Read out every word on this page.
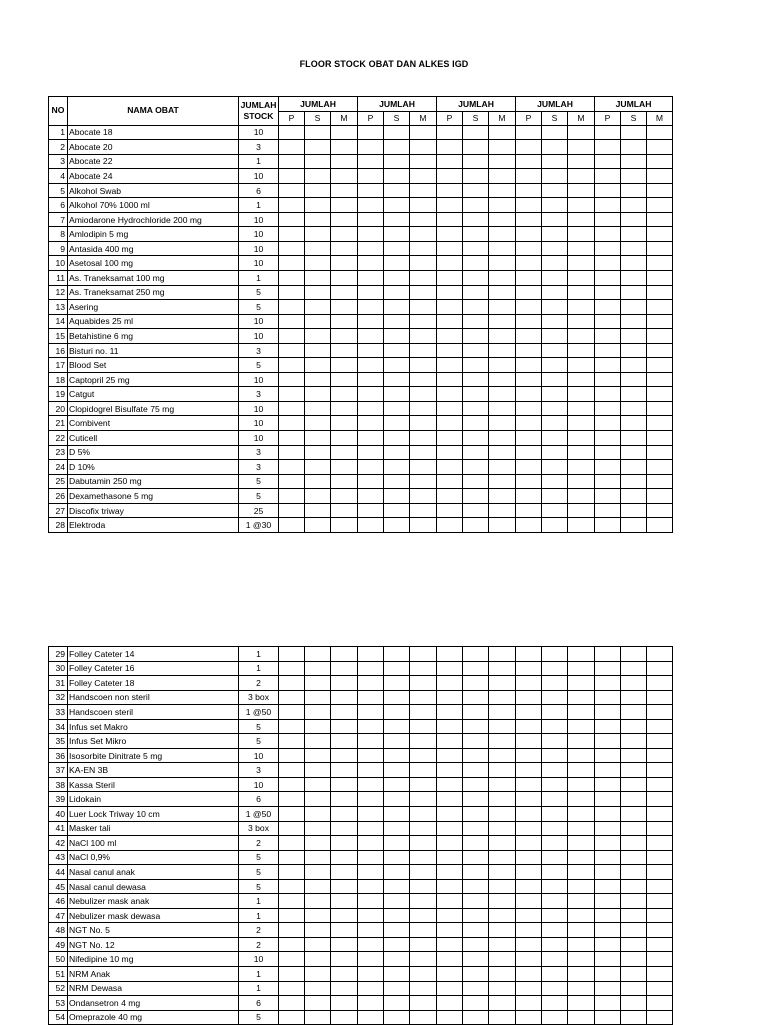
FLOOR STOCK OBAT DAN ALKES IGD
NO	NAMA OBAT	JUMLAH
STOCK	JUMLAH			JUMLAH			JUMLAH			JUMLAH			JUMLAH		
			P	S	M	P	S	M	P	S	M	P	S	M	P	S	M
1	Abocate 18	10															
2	Abocate 20	3															
3	Abocate 22	1															
4	Abocate 24	10															
5	Alkohol Swab	6															
6	Alkohol 70% 1000 ml	1															
7	Amiodarone Hydrochloride 200 mg	10															
8	Amlodipin 5 mg	10															
9	Antasida 400 mg	10															
10	Asetosal 100 mg	10															
11	As. Traneksamat 100 mg	1															
12	As. Traneksamat 250 mg	5															
13	Asering	5															
14	Aquabides 25 ml	10															
15	Betahistine 6 mg	10															
16	Bisturi no. 11	3															
17	Blood Set	5															
18	Captopril 25 mg	10															
19	Catgut	3															
20	Clopidogrel Bisulfate 75 mg	10															
21	Combivent	10															
22	Cuticell	10															
23	D 5%	3															
24	D 10%	3															
25	Dabutamin 250 mg	5															
26	Dexamethasone 5 mg	5															
27	Discofix triway	25															
28	Elektroda	1 @30															
29	Folley Cateter 14	1															
30	Folley Cateter 16	1															
31	Folley Cateter 18	2															
32	Handscoen non steril	3 box															
33	Handscoen steril	1 @50															
34	Infus set Makro	5															
35	Infus Set Mikro	5															
36	Isosorbite Dinitrate 5 mg	10															
37	KA-EN 3B	3															
38	Kassa Steril	10															
39	Lidokain	6															
40	Luer Lock Triway 10 cm	1 @50															
41	Masker tali	3 box															
42	NaCl 100 ml	2															
43	NaCl 0,9%	5															
44	Nasal canul anak	5															
45	Nasal canul dewasa	5															
46	Nebulizer mask anak	1															
47	Nebulizer mask dewasa	1															
48	NGT No. 5	2															
49	NGT No. 12	2															
50	Nifedipine 10 mg	10															
51	NRM Anak	1															
52	NRM Dewasa	1															
53	Ondansetron 4 mg	6															
54	Omeprazole 40 mg	5															
